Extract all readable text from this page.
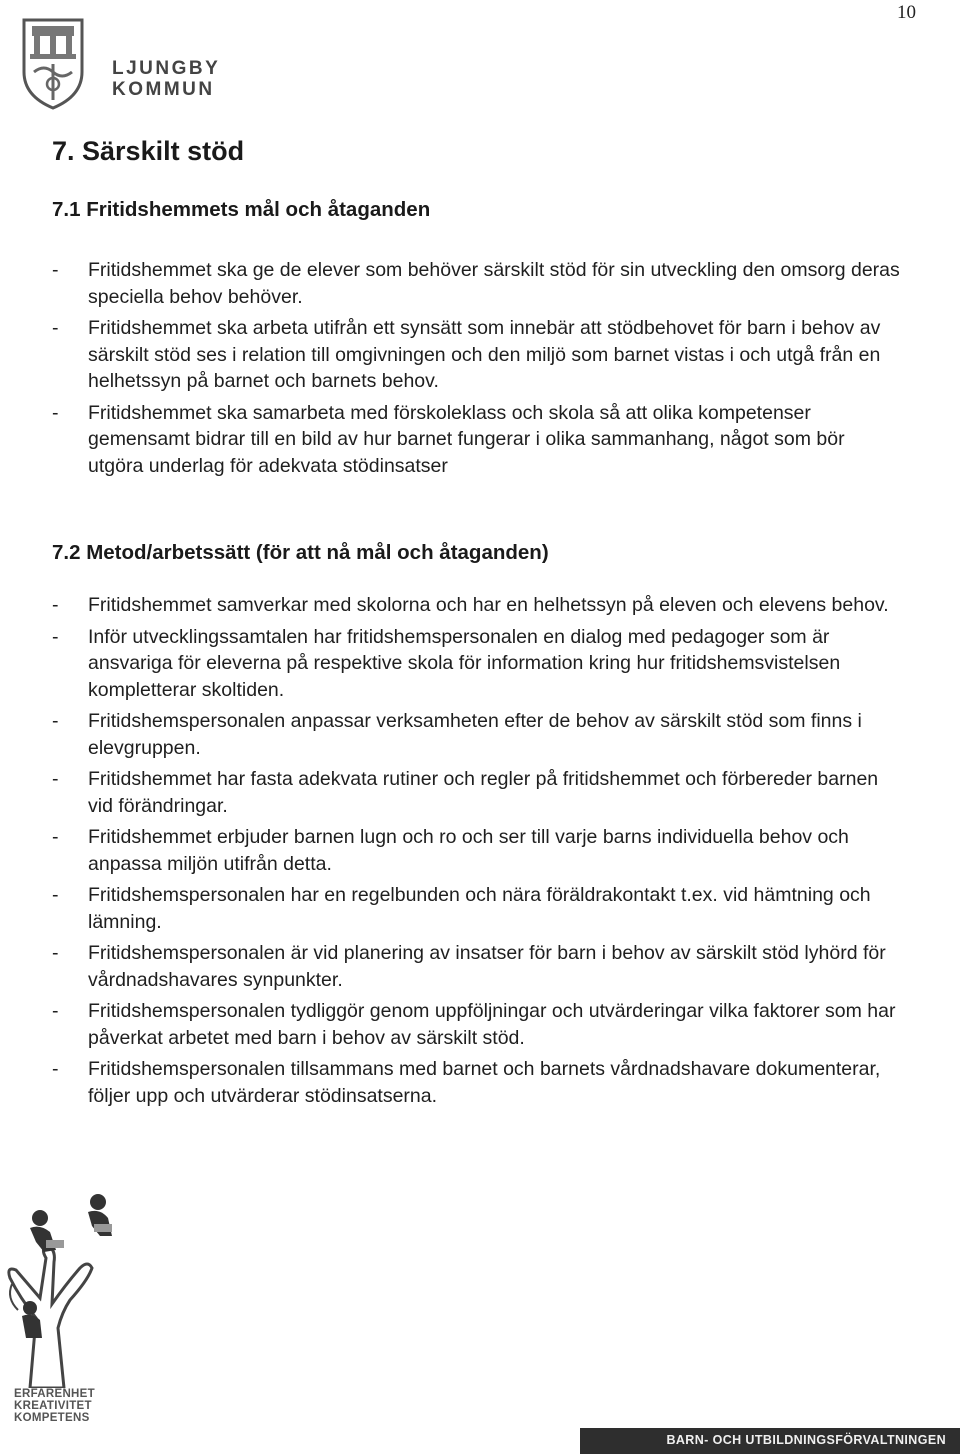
10
LJUNGBY
KOMMUN
7. Särskilt stöd
7.1 Fritidshemmets mål och åtaganden
- Fritidshemmet ska ge de elever som behöver särskilt stöd för sin utveckling den omsorg deras speciella behov behöver.
- Fritidshemmet ska arbeta utifrån ett synsätt som innebär att stödbehovet för barn i behov av särskilt stöd ses i relation till omgivningen och den miljö som barnet vistas i och utgå från en helhetssyn på barnet och barnets behov.
- Fritidshemmet ska samarbeta med förskoleklass och skola så att olika kompetenser gemensamt bidrar till en bild av hur barnet fungerar i olika sammanhang, något som bör utgöra underlag för adekvata stödinsatser
7.2 Metod/arbetssätt (för att nå mål och åtaganden)
- Fritidshemmet samverkar med skolorna och har en helhetssyn på eleven och elevens behov.
- Inför utvecklingssamtalen har fritidshemspersonalen en dialog med pedagoger som är ansvariga för eleverna på respektive skola för information kring hur fritidshemsvistelsen kompletterar skoltiden.
- Fritidshemspersonalen anpassar verksamheten efter de behov av särskilt stöd som finns i elevgruppen.
- Fritidshemmet har fasta adekvata rutiner och regler på fritidshemmet och förbereder barnen vid förändringar.
- Fritidshemmet erbjuder barnen lugn och ro och ser till varje barns individuella behov och anpassa miljön utifrån detta.
- Fritidshemspersonalen har en regelbunden och nära föräldrakontakt t.ex. vid hämtning och lämning.
- Fritidshemspersonalen är vid planering av insatser för barn i behov av särskilt stöd lyhörd för vårdnadshavares synpunkter.
- Fritidshemspersonalen tydliggör genom uppföljningar och utvärderingar vilka faktorer som har påverkat arbetet med barn i behov av särskilt stöd.
- Fritidshemspersonalen tillsammans med barnet och barnets vårdnadshavare dokumenterar, följer upp och utvärderar stödinsatserna.
ERFARENHET
KREATIVITET
KOMPETENS
BARN- OCH UTBILDNINGSFÖRVALTNINGEN
